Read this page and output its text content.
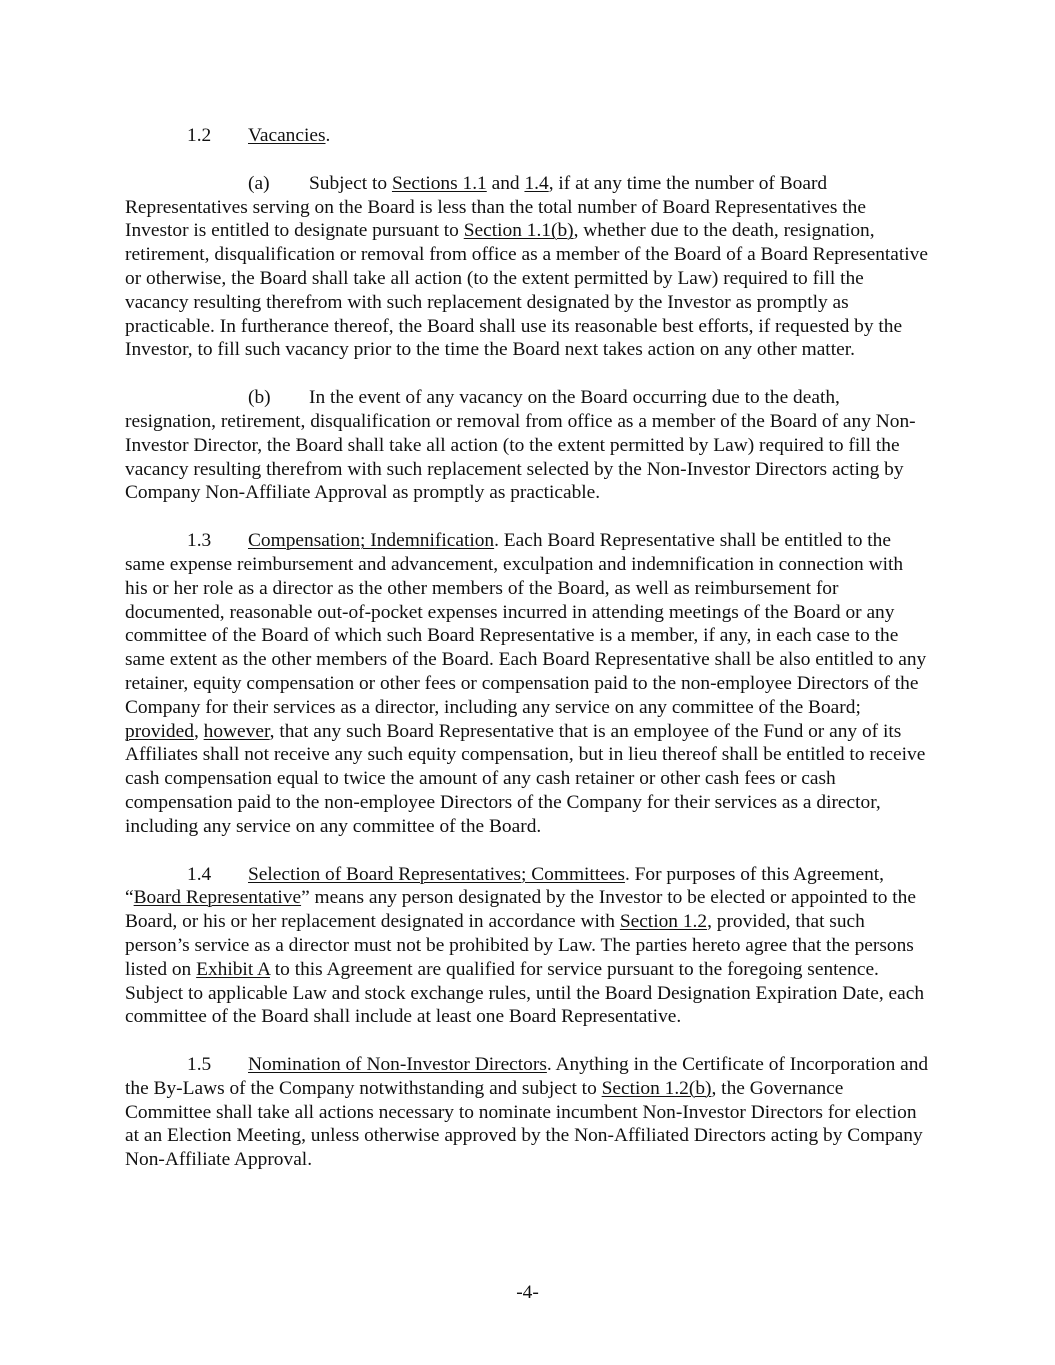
1.2 Vacancies.

(a) Subject to Sections 1.1 and 1.4, if at any time the number of Board Representatives serving on the Board is less than the total number of Board Representatives the Investor is entitled to designate pursuant to Section 1.1(b), whether due to the death, resignation, retirement, disqualification or removal from office as a member of the Board of a Board Representative or otherwise, the Board shall take all action (to the extent permitted by Law) required to fill the vacancy resulting therefrom with such replacement designated by the Investor as promptly as practicable. In furtherance thereof, the Board shall use its reasonable best efforts, if requested by the Investor, to fill such vacancy prior to the time the Board next takes action on any other matter.

(b) In the event of any vacancy on the Board occurring due to the death, resignation, retirement, disqualification or removal from office as a member of the Board of any Non-Investor Director, the Board shall take all action (to the extent permitted by Law) required to fill the vacancy resulting therefrom with such replacement selected by the Non-Investor Directors acting by Company Non-Affiliate Approval as promptly as practicable.

1.3 Compensation; Indemnification. Each Board Representative shall be entitled to the same expense reimbursement and advancement, exculpation and indemnification in connection with his or her role as a director as the other members of the Board, as well as reimbursement for documented, reasonable out-of-pocket expenses incurred in attending meetings of the Board or any committee of the Board of which such Board Representative is a member, if any, in each case to the same extent as the other members of the Board. Each Board Representative shall be also entitled to any retainer, equity compensation or other fees or compensation paid to the non-employee Directors of the Company for their services as a director, including any service on any committee of the Board; provided, however, that any such Board Representative that is an employee of the Fund or any of its Affiliates shall not receive any such equity compensation, but in lieu thereof shall be entitled to receive cash compensation equal to twice the amount of any cash retainer or other cash fees or cash compensation paid to the non-employee Directors of the Company for their services as a director, including any service on any committee of the Board.

1.4 Selection of Board Representatives; Committees. For purposes of this Agreement, “Board Representative” means any person designated by the Investor to be elected or appointed to the Board, or his or her replacement designated in accordance with Section 1.2, provided, that such person’s service as a director must not be prohibited by Law. The parties hereto agree that the persons listed on Exhibit A to this Agreement are qualified for service pursuant to the foregoing sentence. Subject to applicable Law and stock exchange rules, until the Board Designation Expiration Date, each committee of the Board shall include at least one Board Representative.

1.5 Nomination of Non-Investor Directors. Anything in the Certificate of Incorporation and the By-Laws of the Company notwithstanding and subject to Section 1.2(b), the Governance Committee shall take all actions necessary to nominate incumbent Non-Investor Directors for election at an Election Meeting, unless otherwise approved by the Non-Affiliated Directors acting by Company Non-Affiliate Approval.

-4-
